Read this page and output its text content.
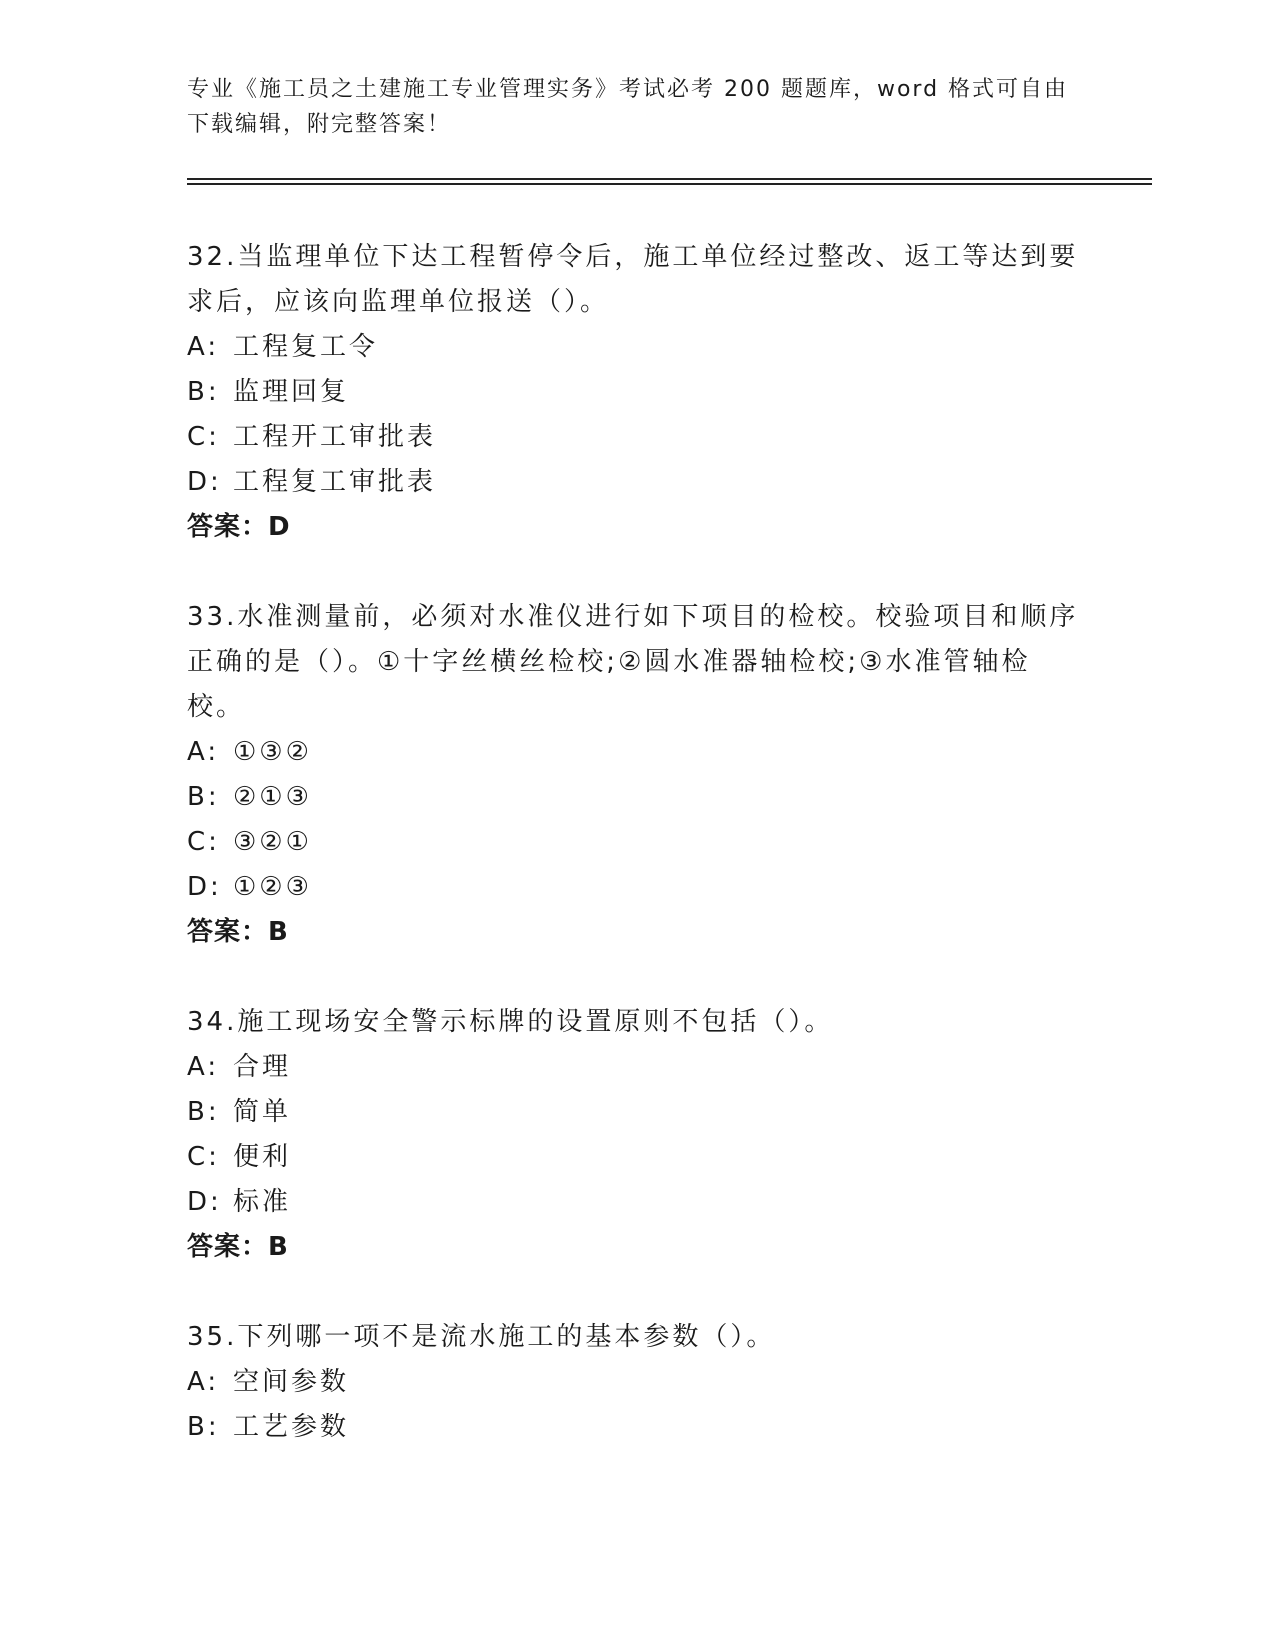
专业《施工员之土建施工专业管理实务》考试必考 200 题题库，word 格式可自由
下载编辑，附完整答案！
32.当监理单位下达工程暂停令后，施工单位经过整改、返工等达到要
求后，应该向监理单位报送（）。
A: 工程复工令
B: 监理回复
C: 工程开工审批表
D: 工程复工审批表
答案：D
33.水准测量前，必须对水准仪进行如下项目的检校。校验项目和顺序
正确的是（）。①十字丝横丝检校;②圆水准器轴检校;③水准管轴检
校。
A: ①③②
B: ②①③
C: ③②①
D: ①②③
答案：B
34.施工现场安全警示标牌的设置原则不包括（）。
A: 合理
B: 简单
C: 便利
D: 标准
答案：B
35.下列哪一项不是流水施工的基本参数（）。
A: 空间参数
B: 工艺参数
